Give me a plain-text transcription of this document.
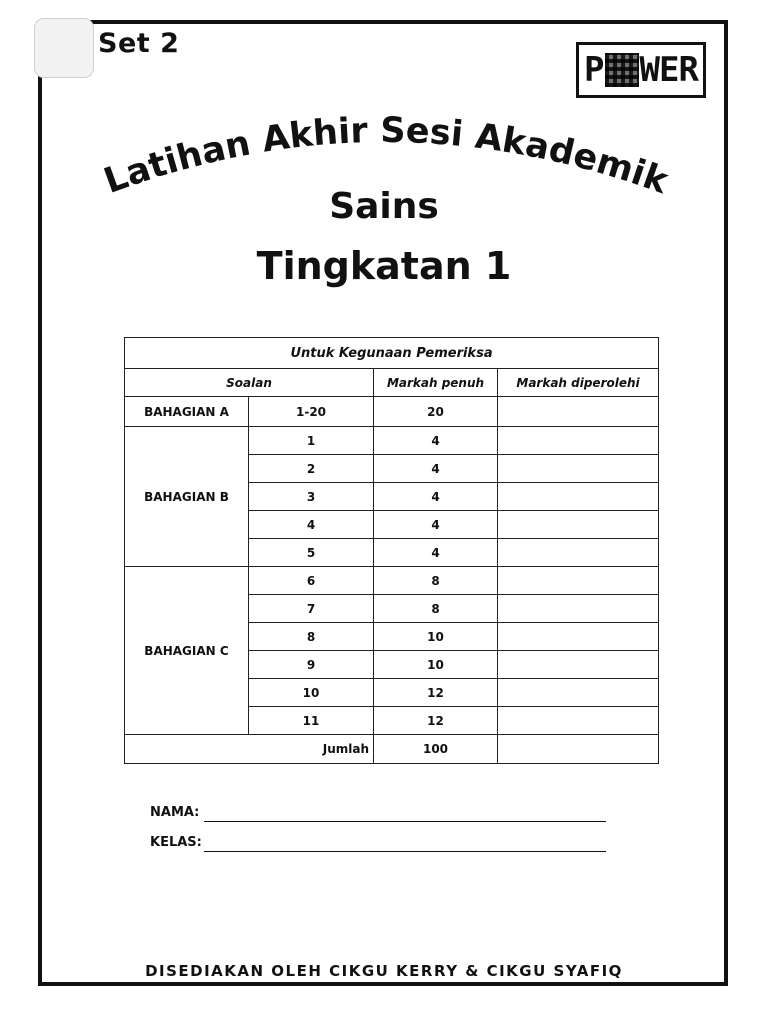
Set 2
P WER
Latihan Akhir Sesi Akademik
Sains
Tingkatan 1
Untuk Kegunaan Pemeriksa			
Soalan		Markah penuh	Markah diperolehi
BAHAGIAN A	1-20	20	
BAHAGIAN B	1	4	
	2	4	
	3	4	
	4	4	
	5	4	
BAHAGIAN C	6	8	
	7	8	
	8	10	
	9	10	
	10	12	
	11	12	
Jumlah		100	
NAMA:
KELAS:
DISEDIAKAN OLEH CIKGU KERRY & CIKGU SYAFIQ
